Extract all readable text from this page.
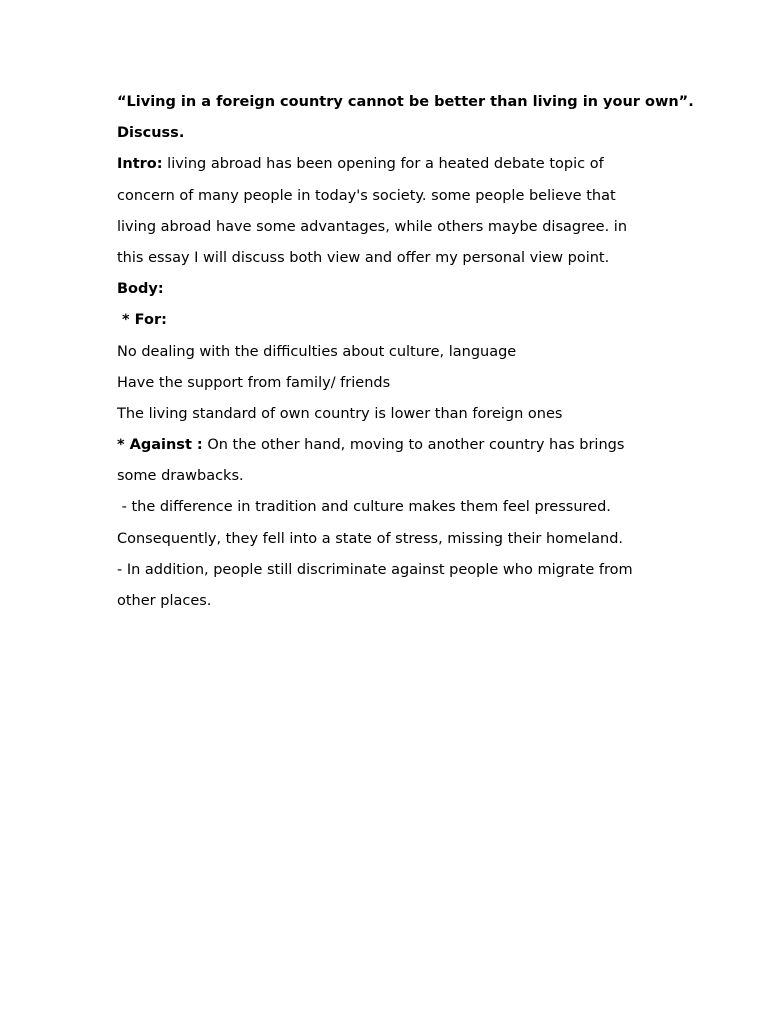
“Living in a foreign country cannot be better than living in your own”.
Discuss.
Intro: living abroad has been opening for a heated debate topic of
concern of many people in today's society. some people believe that
living abroad have some advantages, while others maybe disagree. in
this essay I will discuss both view and offer my personal view point.
Body:
* For:
No dealing with the difficulties about culture, language
Have the support from family/ friends
The living standard of own country is lower than foreign ones
* Against : On the other hand, moving to another country has brings
some drawbacks.
- the difference in tradition and culture makes them feel pressured.
Consequently, they fell into a state of stress, missing their homeland.
- In addition, people still discriminate against people who migrate from
other places.
